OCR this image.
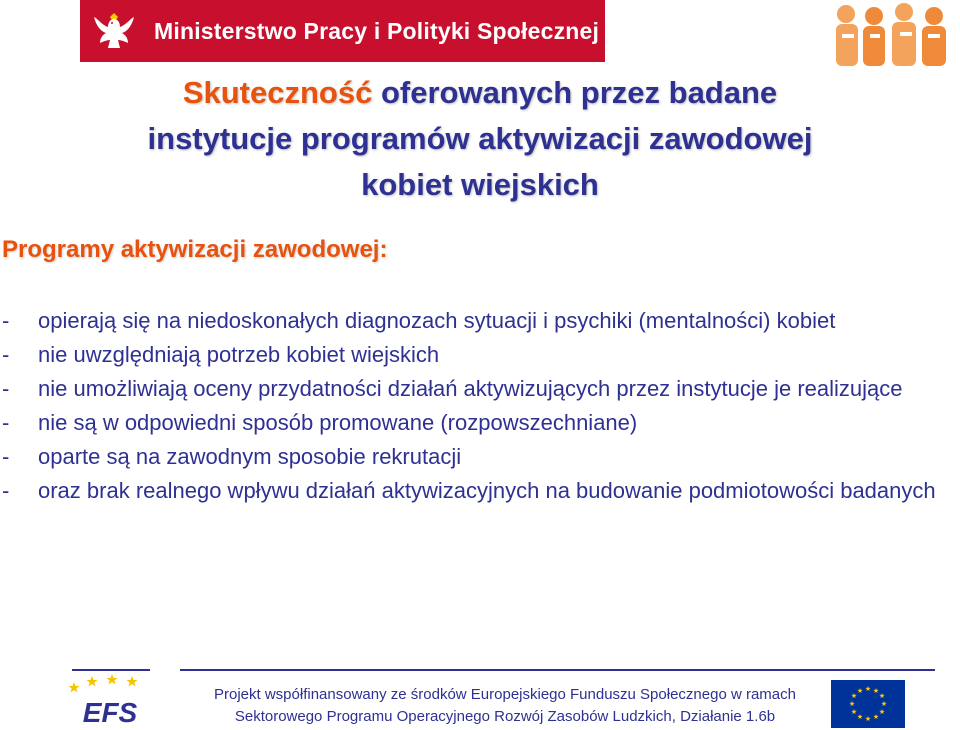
Ministerstwo Pracy i Polityki Społecznej
Skuteczność oferowanych przez badane
instytucje programów aktywizacji zawodowej
kobiet wiejskich
Programy aktywizacji zawodowej:
- opierają się na niedoskonałych diagnozach sytuacji i psychiki (mentalności) kobiet
- nie uwzględniają potrzeb kobiet wiejskich
- nie umożliwiają oceny przydatności działań aktywizujących przez instytucje je realizujące
- nie są w odpowiedni sposób promowane (rozpowszechniane)
- oparte są na zawodnym sposobie rekrutacji
- oraz brak realnego wpływu działań aktywizacyjnych na budowanie podmiotowości badanych
EFS
Projekt współfinansowany ze środków Europejskiego Funduszu Społecznego w ramach
Sektorowego Programu Operacyjnego Rozwój Zasobów Ludzkich, Działanie 1.6b
★ ★
★
★
★
★
★
★
★
★
★
★
